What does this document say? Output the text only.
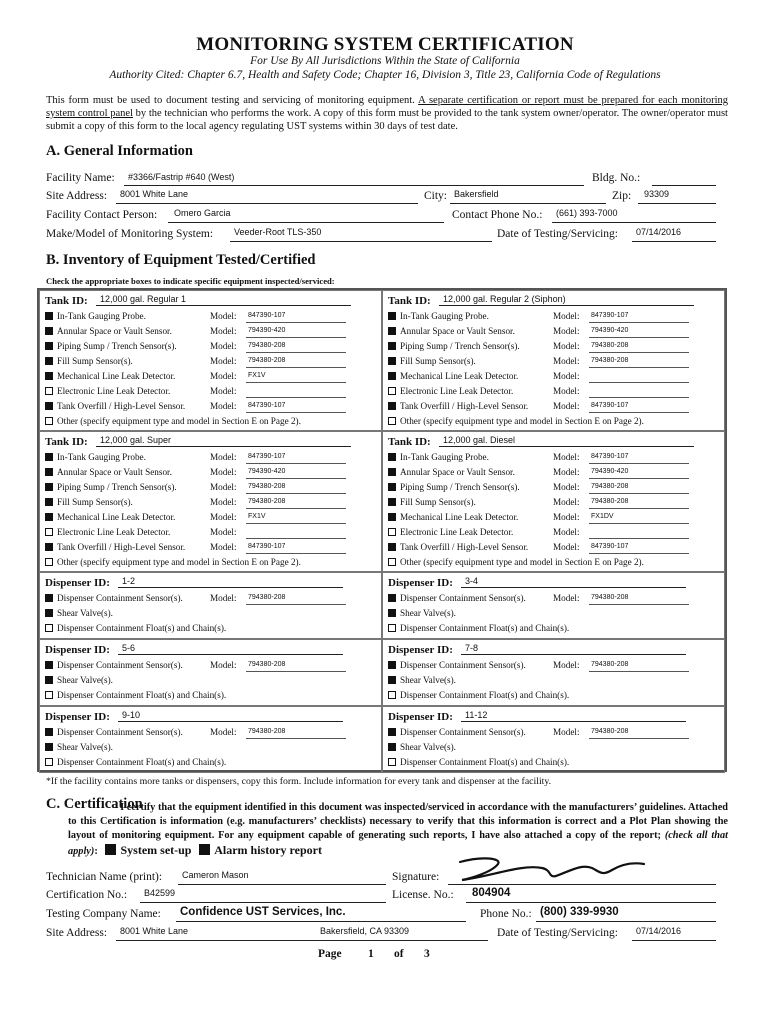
MONITORING SYSTEM CERTIFICATION
For Use By All Jurisdictions Within the State of California
Authority Cited: Chapter 6.7, Health and Safety Code; Chapter 16, Division 3, Title 23, California Code of Regulations
This form must be used to document testing and servicing of monitoring equipment. A separate certification or report must be prepared for each monitoring system control panel by the technician who performs the work. A copy of this form must be provided to the tank system owner/operator. The owner/operator must submit a copy of this form to the local agency regulating UST systems within 30 days of test date.
A. General Information
Facility Name: #3366/Fastrip #640 (West)	Bldg. No.:
Site Address: 8001 White Lane	City: Bakersfield	Zip: 93309
Facility Contact Person: Omero Garcia	Contact Phone No.: (661) 393-7000
Make/Model of Monitoring System: Veeder-Root TLS-350	Date of Testing/Servicing: 07/14/2016
B. Inventory of Equipment Tested/Certified
Check the appropriate boxes to indicate specific equipment inspected/serviced:
Tank ID: 12,000 gal. Regular 1
In-Tank Gauging Probe.	Model: 847390-107
Annular Space or Vault Sensor.	Model: 794390-420
Piping Sump / Trench Sensor(s).	Model: 794380-208
Fill Sump Sensor(s).	Model: 794380-208
Mechanical Line Leak Detector.	Model: FX1V
Electronic Line Leak Detector.	Model:
Tank Overfill / High-Level Sensor.	Model: 847390-107
Other (specify equipment type and model in Section E on Page 2).
Tank ID: 12,000 gal. Regular 2 (Siphon)
In-Tank Gauging Probe.	Model: 847390-107
Annular Space or Vault Sensor.	Model: 794390-420
Piping Sump / Trench Sensor(s).	Model: 794380-208
Fill Sump Sensor(s).	Model: 794380-208
Mechanical Line Leak Detector.	Model:
Electronic Line Leak Detector.	Model:
Tank Overfill / High-Level Sensor.	Model: 847390-107
Other (specify equipment type and model in Section E on Page 2).
Tank ID: 12,000 gal. Super
In-Tank Gauging Probe.	Model: 847390-107
Annular Space or Vault Sensor.	Model: 794390-420
Piping Sump / Trench Sensor(s).	Model: 794380-208
Fill Sump Sensor(s).	Model: 794380-208
Mechanical Line Leak Detector.	Model: FX1V
Electronic Line Leak Detector.	Model:
Tank Overfill / High-Level Sensor.	Model: 847390-107
Other (specify equipment type and model in Section E on Page 2).
Tank ID: 12,000 gal. Diesel
In-Tank Gauging Probe.	Model: 847390-107
Annular Space or Vault Sensor.	Model: 794390-420
Piping Sump / Trench Sensor(s).	Model: 794380-208
Fill Sump Sensor(s).	Model: 794380-208
Mechanical Line Leak Detector.	Model: FX1DV
Electronic Line Leak Detector.	Model:
Tank Overfill / High-Level Sensor.	Model: 847390-107
Other (specify equipment type and model in Section E on Page 2).
Dispenser ID: 1-2
Dispenser Containment Sensor(s).	Model: 794380-208
Shear Valve(s).
Dispenser Containment Float(s) and Chain(s).
Dispenser ID: 3-4
Dispenser Containment Sensor(s).	Model: 794380-208
Shear Valve(s).
Dispenser Containment Float(s) and Chain(s).
Dispenser ID: 5-6
Dispenser Containment Sensor(s).	Model: 794380-208
Shear Valve(s).
Dispenser Containment Float(s) and Chain(s).
Dispenser ID: 7-8
Dispenser Containment Sensor(s).	Model: 794380-208
Shear Valve(s).
Dispenser Containment Float(s) and Chain(s).
Dispenser ID: 9-10
Dispenser Containment Sensor(s).	Model: 794380-208
Shear Valve(s).
Dispenser Containment Float(s) and Chain(s).
Dispenser ID: 11-12
Dispenser Containment Sensor(s).	Model: 794380-208
Shear Valve(s).
Dispenser Containment Float(s) and Chain(s).
*If the facility contains more tanks or dispensers, copy this form. Include information for every tank and dispenser at the facility.
C. Certification
- I certify that the equipment identified in this document was inspected/serviced in accordance with the manufacturers’ guidelines. Attached to this Certification is information (e.g. manufacturers’ checklists) necessary to verify that this information is correct and a Plot Plan showing the layout of monitoring equipment. For any equipment capable of generating such reports, I have also attached a copy of the report; (check all that apply): System set-up Alarm history report
Technician Name (print): Cameron Mason	Signature:
Certification No.: B42599	License. No.: 804904
Testing Company Name: Confidence UST Services, Inc.	Phone No.: (800) 339-9930
Site Address: 8001 White Lane	Bakersfield, CA 93309	Date of Testing/Servicing: 07/14/2016
Page 1 of 3
